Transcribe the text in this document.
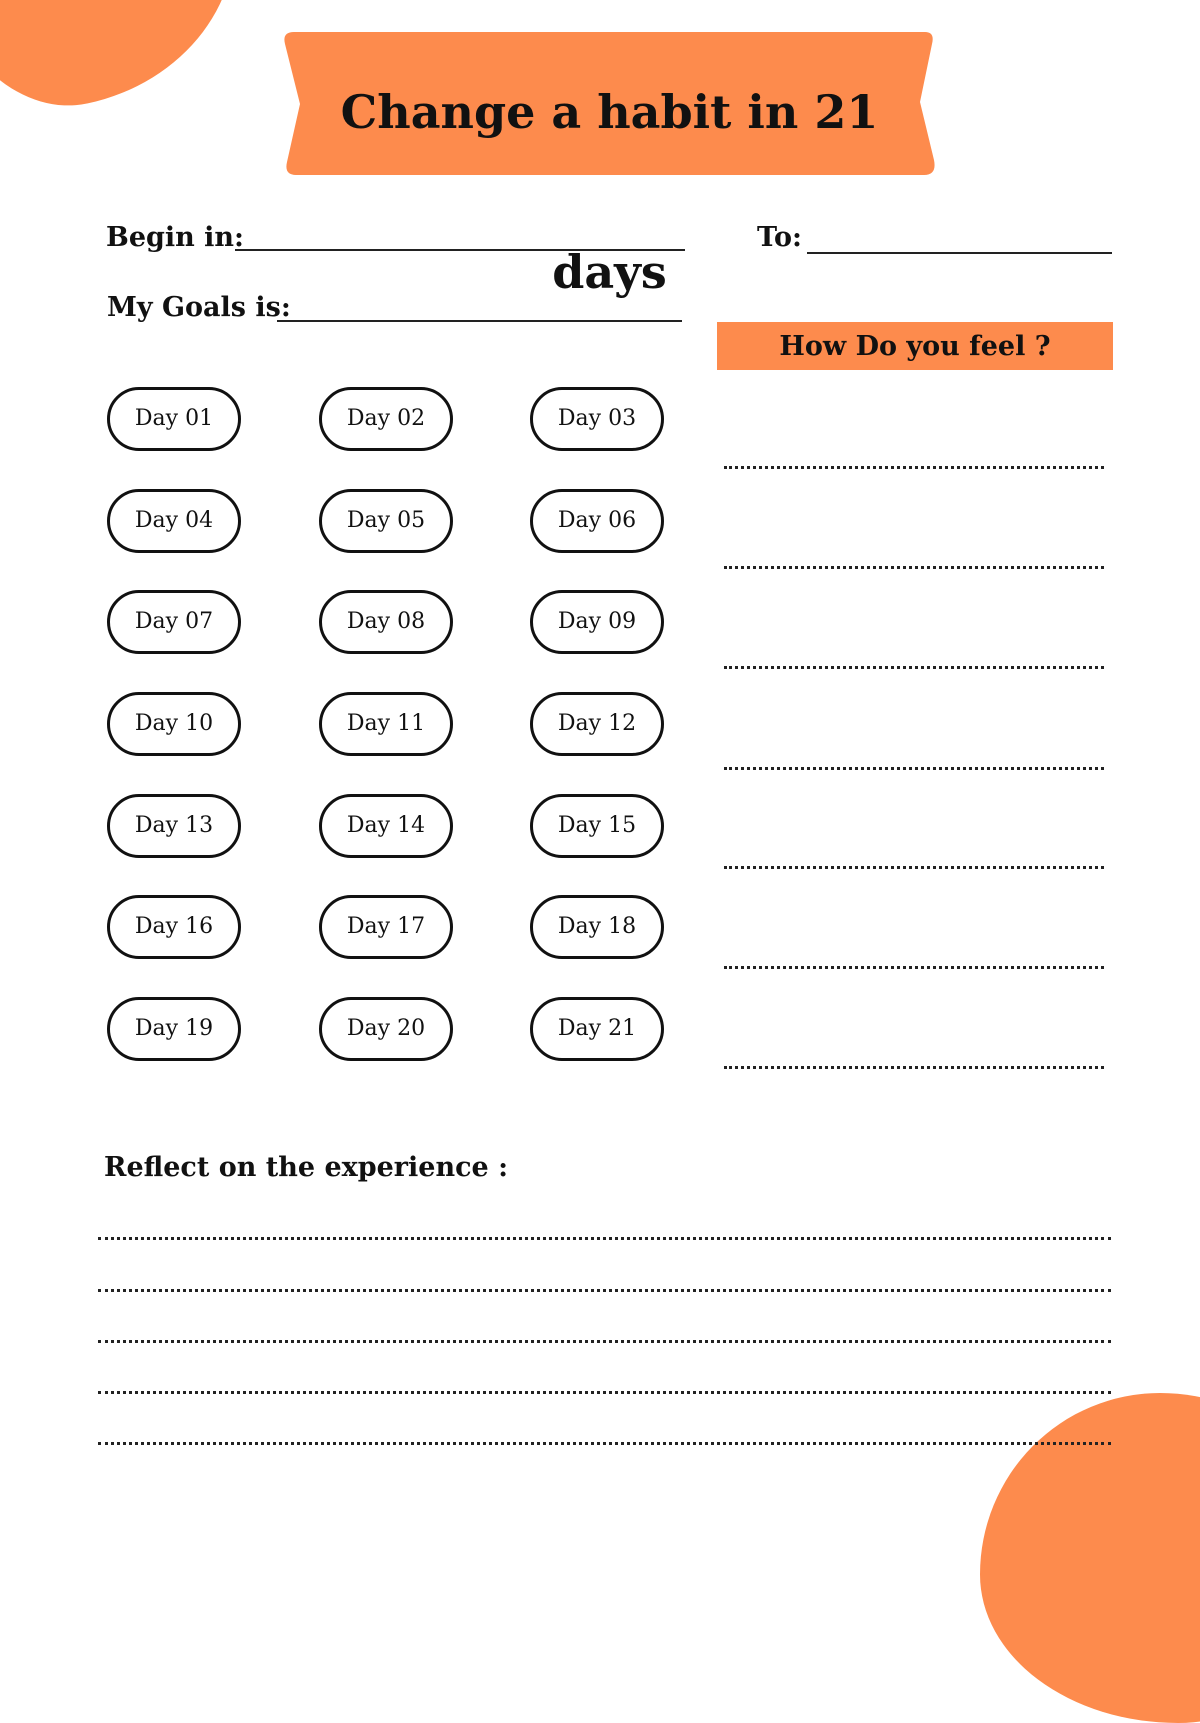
Change a habit in 21 days
Begin in:	To:
My Goals is:
How Do you feel ?
Day 01	Day 02	Day 03
Day 04	Day 05	Day 06
Day 07	Day 08	Day 09
Day 10	Day 11	Day 12
Day 13	Day 14	Day 15
Day 16	Day 17	Day 18
Day 19	Day 20	Day 21
Reflect on the experience :
